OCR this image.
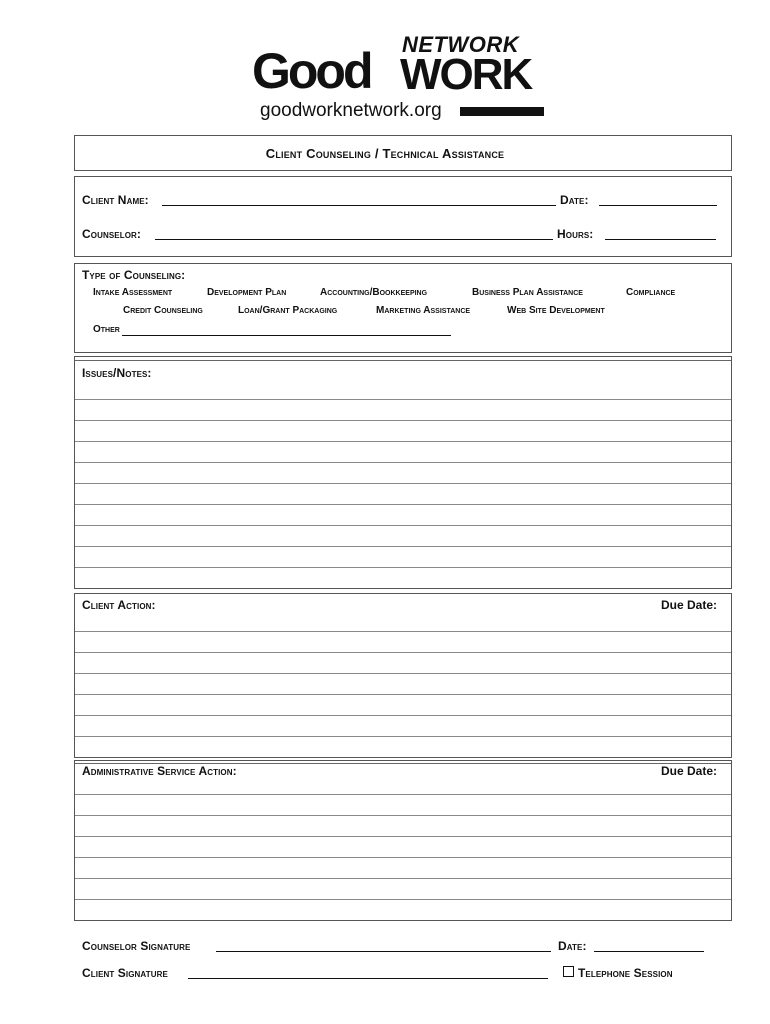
NETWORK
Good WORK
goodworknetwork.org
Client Counseling / Technical Assistance
Client Name:	Date:
Counselor:	Hours:
Type of Counseling:
Intake Assessment	Development Plan	Accounting/Bookkeeping	Business Plan Assistance	Compliance
Credit Counseling	Loan/Grant Packaging	Marketing Assistance	Web Site Development
Other
Issues/Notes:
Client Action:	Due Date:
Administrative Service Action:	Due Date:
Counselor Signature	Date:
Client Signature	Telephone Session
